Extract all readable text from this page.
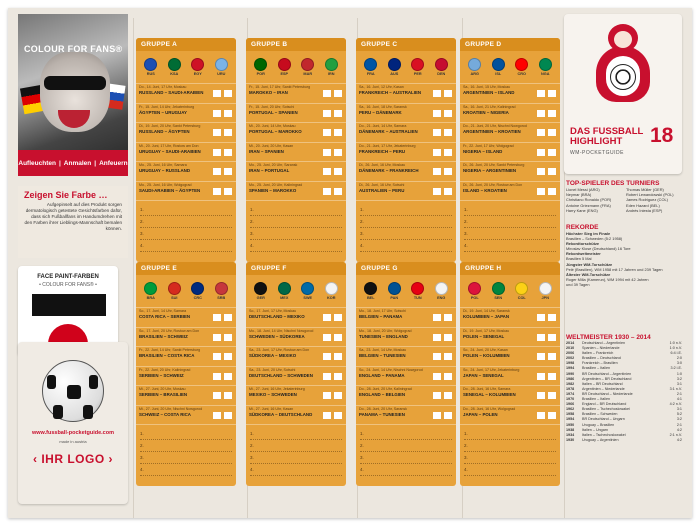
COLOUR FOR FANS®
Aufleuchten | Anmalen | Anfeuern
Zeigen Sie Farbe …

Aufgepinselt auf dies Produkt sorgen dermatologisch getestete Gesichtsfarben dafür, dass sich Fußballfans im Handumdrehen mit den Farben ihrer Lieblings-Mannschaft bemalen können.

FACE PAINT-FARBEN
• COLOUR FOR FANS® •
www.fussball-pocketguide.com
made in austria
‹ IHR LOGO ›
GRUPPE A
RUS	KSA	EGY	URU
Do., 14. Juni, 17 Uhr, Moskau
RUSSLAND – SAUDI-ARABIEN
Fr., 15. Juni, 14 Uhr, Jekaterinburg
ÄGYPTEN – URUGUAY
Di., 19. Juni, 20 Uhr, Sankt Petersburg
RUSSLAND – ÄGYPTEN
Mi., 20. Juni, 17 Uhr, Rostow am Don
URUGUAY – SAUDI-ARABIEN
Mo., 25. Juni, 16 Uhr, Samara
URUGUAY – RUSSLAND
Mo., 25. Juni, 16 Uhr, Wolgograd
SAUDI-ARABIEN – ÄGYPTEN
1.
2.
3.
4.
GRUPPE B
POR	ESP	MAR	IRN
Fr., 15. Juni, 17 Uhr, Sankt Petersburg
MAROKKO – IRAN
Fr., 15. Juni, 20 Uhr, Sotschi
PORTUGAL – SPANIEN
Mi., 20. Juni, 14 Uhr, Moskau
PORTUGAL – MAROKKO
Mi., 20. Juni, 20 Uhr, Kasan
IRAN – SPANIEN
Mo., 25. Juni, 20 Uhr, Saransk
IRAN – PORTUGAL
Mo., 25. Juni, 20 Uhr, Kaliningrad
SPANIEN – MAROKKO
1.
2.
3.
4.
GRUPPE C
FRA	AUS	PER	DEN
Sa., 16. Juni, 12 Uhr, Kasan
FRANKREICH – AUSTRALIEN
Sa., 16. Juni, 18 Uhr, Saransk
PERU – DÄNEMARK
Do., 21. Juni, 14 Uhr, Samara
DÄNEMARK – AUSTRALIEN
Do., 21. Juni, 17 Uhr, Jekaterinburg
FRANKREICH – PERU
Di., 26. Juni, 16 Uhr, Moskau
DÄNEMARK – FRANKREICH
Di., 26. Juni, 16 Uhr, Sotschi
AUSTRALIEN – PERU
1.
2.
3.
4.
GRUPPE D
ARG	ISL	CRO	NGA
Sa., 16. Juni, 15 Uhr, Moskau
ARGENTINIEN – ISLAND
Sa., 16. Juni, 21 Uhr, Kaliningrad
KROATIEN – NIGERIA
Do., 21. Juni, 20 Uhr, Nischni Nowgorod
ARGENTINIEN – KROATIEN
Fr., 22. Juni, 17 Uhr, Wolgograd
NIGERIA – ISLAND
Di., 26. Juni, 20 Uhr, Sankt Petersburg
NIGERIA – ARGENTINIEN
Di., 26. Juni, 20 Uhr, Rostow am Don
ISLAND – KROATIEN
1.
2.
3.
4.
GRUPPE E
BRA	SUI	CRC	SRB
So., 17. Juni, 14 Uhr, Samara
COSTA RICA – SERBIEN
So., 17. Juni, 20 Uhr, Rostow am Don
BRASILIEN – SCHWEIZ
Fr., 22. Juni, 14 Uhr, Sankt Petersburg
BRASILIEN – COSTA RICA
Fr., 22. Juni, 20 Uhr, Kaliningrad
SERBIEN – SCHWEIZ
Mi., 27. Juni, 20 Uhr, Moskau
SERBIEN – BRASILIEN
Mi., 27. Juni, 20 Uhr, Nischni Nowgorod
SCHWEIZ – COSTA RICA
1.
2.
3.
4.
GRUPPE F
GER	MEX	SWE	KOR
So., 17. Juni, 17 Uhr, Moskau
DEUTSCHLAND – MEXIKO
Mo., 18. Juni, 14 Uhr, Nischni Nowgorod
SCHWEDEN – SÜDKOREA
Sa., 23. Juni, 17 Uhr, Rostow am Don
SÜDKOREA – MEXIKO
Sa., 23. Juni, 20 Uhr, Sotschi
DEUTSCHLAND – SCHWEDEN
Mi., 27. Juni, 16 Uhr, Jekaterinburg
MEXIKO – SCHWEDEN
Mi., 27. Juni, 16 Uhr, Kasan
SÜDKOREA – DEUTSCHLAND
1.
2.
3.
4.
GRUPPE G
BEL	PAN	TUN	ENG
Mo., 18. Juni, 17 Uhr, Sotschi
BELGIEN – PANAMA
Mo., 18. Juni, 20 Uhr, Wolgograd
TUNESIEN – ENGLAND
Sa., 23. Juni, 14 Uhr, Moskau
BELGIEN – TUNESIEN
So., 24. Juni, 14 Uhr, Nischni Nowgorod
ENGLAND – PANAMA
Do., 28. Juni, 20 Uhr, Kaliningrad
ENGLAND – BELGIEN
Do., 28. Juni, 20 Uhr, Saransk
PANAMA – TUNESIEN
1.
2.
3.
4.
GRUPPE H
POL	SEN	COL	JPN
Di., 19. Juni, 14 Uhr, Saransk
KOLUMBIEN – JAPAN
Di., 19. Juni, 17 Uhr, Moskau
POLEN – SENEGAL
So., 24. Juni, 20 Uhr, Kasan
POLEN – KOLUMBIEN
So., 24. Juni, 17 Uhr, Jekaterinburg
JAPAN – SENEGAL
Do., 28. Juni, 16 Uhr, Samara
SENEGAL – KOLUMBIEN
Do., 28. Juni, 16 Uhr, Wolgograd
JAPAN – POLEN
1.
2.
3.
4.
DAS FUSSBALL
HIGHLIGHT 18
WM-POCKETGUIDE
TOP-SPIELER DES TURNIERS
Lionel Messi (ARG)
Neymar (BRA)
Christiano Ronaldo (POR)
Antoine Griezmann (FRA)
Harry Kane (ENG)
Thomas Müller (GER)
Robert Lewandowski (POL)
James Rodriguez (COL)
Eden Hazard (BEL)
Andrés Iniesta (ESP)
REKORDE
Höchster Sieg im Finale
Brasilien – Schweden (5:2 1958)
Rekordtorschütze
Miroslav Klose (Deutschland) 16 Tore
Rekordweltmeister
Brasilien 5 Mal
Jüngster WM-Torschütze
Pelé (Brasilien), WM 1958 mit 17 Jahren und 239 Tagen
Ältester WM-Torschütze
Roger Milla (Kamerun), WM 1994 mit 42 Jahren
und 39 Tagen
WELTMEISTER 1930 – 2014
2014	Deutschland – Argentinien	1:0 n.V.
2010	Spanien – Niederlande	1:0 n.V.
2006	Italien – Frankreich	6:4 i.E.
2002	Brasilien – Deutschland	2:0
1998	Frankreich – Brasilien	3:0
1994	Brasilien – Italien	3:2 i.E.
1990	BR Deutschland – Argentinien	1:0
1986	Argentinien – BR Deutschland	3:2
1982	Italien – BR Deutschland	3:1
1978	Argentinien – Niederlande	3:1 n.V.
1974	BR Deutschland – Niederlande	2:1
1970	Brasilien – Italien	4:1
1966	England – BR Deutschland	4:2 n.V.
1962	Brasilien – Tschechoslowakei	3:1
1958	Brasilien – Schweden	5:2
1954	BR Deutschland – Ungarn	3:2
1950	Uruguay – Brasilien	2:1
1938	Italien – Ungarn	4:2
1934	Italien – Tschechoslowakei	2:1 n.V.
1930	Uruguay – Argentinien	4:2
